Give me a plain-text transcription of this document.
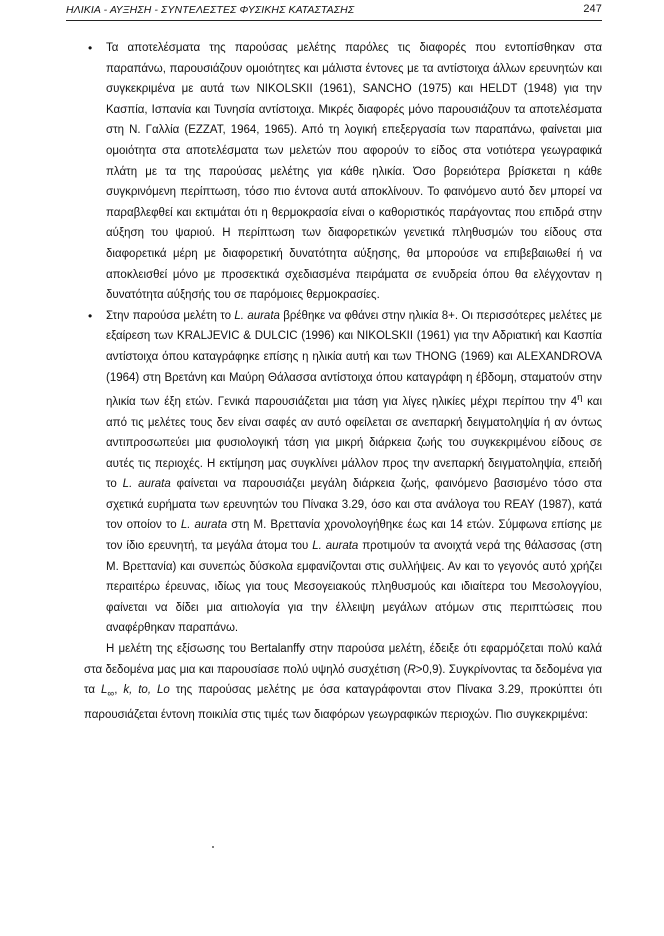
ΗΛΙΚΙΑ - ΑΥΞΗΣΗ - ΣΥΝΤΕΛΕΣΤΕΣ ΦΥΣΙΚΗΣ ΚΑΤΑΣΤΑΣΗΣ	247

• Τα αποτελέσματα της παρούσας μελέτης παρόλες τις διαφορές που εντοπίσθηκαν στα παραπάνω, παρουσιάζουν ομοιότητες και μάλιστα έντονες με τα αντίστοιχα άλλων ερευνητών και συγκεκριμένα με αυτά των NIKOLSKII (1961), SANCHO (1975) και HELDT (1948) για την Κασπία, Ισπανία και Τυνησία αντίστοιχα. Μικρές διαφορές μόνο παρουσιάζουν τα αποτελέσματα στη Ν. Γαλλία (EZZAT, 1964, 1965). Από τη λογική επεξεργασία των παραπάνω, φαίνεται μια ομοιότητα στα αποτελέσματα των μελετών που αφορούν το είδος στα νοτιότερα γεωγραφικά πλάτη με τα της παρούσας μελέτης για κάθε ηλικία. Όσο βορειότερα βρίσκεται η κάθε συγκρινόμενη περίπτωση, τόσο πιο έντονα αυτά αποκλίνουν. Το φαινόμενο αυτό δεν μπορεί να παραβλεφθεί και εκτιμάται ότι η θερμοκρασία είναι ο καθοριστικός παράγοντας που επιδρά στην αύξηση του ψαριού. Η περίπτωση των διαφορετικών γενετικά πληθυσμών του είδους στα διαφορετικά μέρη με διαφορετική δυνατότητα αύξησης, θα μπορούσε να επιβεβαιωθεί ή να αποκλεισθεί μόνο με προσεκτικά σχεδιασμένα πειράματα σε ενυδρεία όπου θα ελέγχονταν η δυνατότητα αύξησής του σε παρόμοιες θερμοκρασίες.

• Στην παρούσα μελέτη το L. aurata βρέθηκε να φθάνει στην ηλικία 8+. Οι περισσότερες μελέτες με εξαίρεση των KRALJEVIC & DULCIC (1996) και NIKOLSKII (1961) για την Αδριατική και Κασπία αντίστοιχα όπου καταγράφηκε επίσης η ηλικία αυτή και των THONG (1969) και ALEXANDROVA (1964) στη Βρετάνη και Μαύρη Θάλασσα αντίστοιχα όπου καταγράφη η έβδομη, σταματούν στην ηλικία των έξη ετών. Γενικά παρουσιάζεται μια τάση για λίγες ηλικίες μέχρι περίπου την $4^\eta$ και από τις μελέτες τους δεν είναι σαφές αν αυτό οφείλεται σε ανεπαρκή δειγματοληψία ή αν όντως αντιπροσωπεύει μια φυσιολογική τάση για μικρή διάρκεια ζωής του συγκεκριμένου είδους σε αυτές τις περιοχές. Η εκτίμηση μας συγκλίνει μάλλον προς την ανεπαρκή δειγματοληψία, επειδή το L. aurata φαίνεται να παρουσιάζει μεγάλη διάρκεια ζωής, φαινόμενο βασισμένο τόσο στα σχετικά ευρήματα των ερευνητών του Πίνακα 3.29, όσο και στα ανάλογα του REAY (1987), κατά τον οποίον το L. aurata στη Μ. Βρεττανία χρονολογήθηκε έως και 14 ετών. Σύμφωνα επίσης με τον ίδιο ερευνητή, τα μεγάλα άτομα του L. aurata προτιμούν τα ανοιχτά νερά της θάλασσας (στη Μ. Βρεττανία) και συνεπώς δύσκολα εμφανίζονται στις συλλήψεις. Αν και το γεγονός αυτό χρήζει περαιτέρω έρευνας, ιδίως για τους Μεσογειακούς πληθυσμούς και ιδιαίτερα του Μεσολογγίου, φαίνεται να δίδει μια αιτιολογία για την έλλειψη μεγάλων ατόμων στις περιπτώσεις που αναφέρθηκαν παραπάνω.

Η μελέτη της εξίσωσης του Bertalanffy στην παρούσα μελέτη, έδειξε ότι εφαρμόζεται πολύ καλά στα δεδομένα μας μια και παρουσίασε πολύ υψηλό συσχέτιση (R>0,9). Συγκρίνοντας τα δεδομένα για τα $L_\infty$, k, to, Lo της παρούσας μελέτης με όσα καταγράφονται στον Πίνακα 3.29, προκύπτει ότι παρουσιάζεται έντονη ποικιλία στις τιμές των διαφόρων γεωγραφικών περιοχών. Πιο συγκεκριμένα:
